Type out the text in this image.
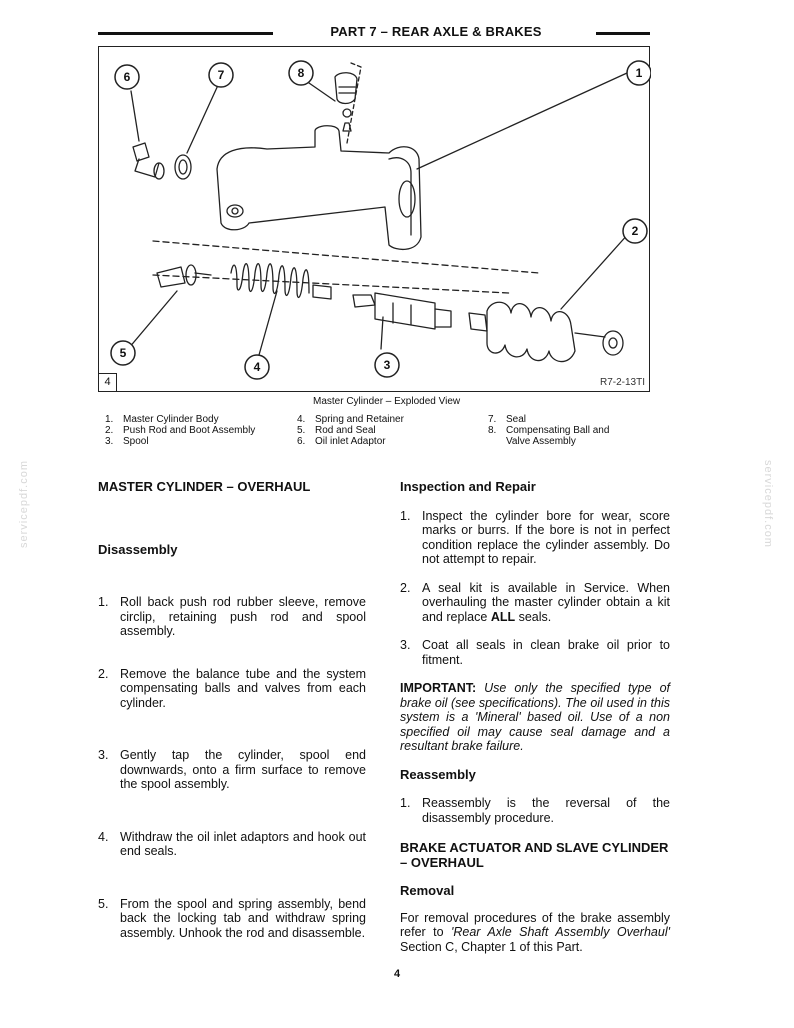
PART 7 – REAR AXLE & BRAKES
6	7	8	1
2
5
4	3
4	R7-2-13TI
Master Cylinder – Exploded View
1. Master Cylinder Body
2. Push Rod and Boot Assembly
3. Spool
4. Spring and Retainer
5. Rod and Seal
6. Oil inlet Adaptor
7. Seal
8. Compensating Ball and Valve Assembly
servicepdf.com	servicepdf.com
MASTER CYLINDER – OVERHAUL
Disassembly
1. Roll back push rod rubber sleeve, remove circlip, retaining push rod and spool assembly.
2. Remove the balance tube and the system compensating balls and valves from each cylinder.
3. Gently tap the cylinder, spool end downwards, onto a firm surface to remove the spool assembly.
4. Withdraw the oil inlet adaptors and hook out end seals.
5. From the spool and spring assembly, bend back the locking tab and withdraw spring assembly. Unhook the rod and disassemble.
Inspection and Repair
1. Inspect the cylinder bore for wear, score marks or burrs. If the bore is not in perfect condition replace the cylinder assembly. Do not attempt to repair.
2. A seal kit is available in Service. When overhauling the master cylinder obtain a kit and replace ALL seals.
3. Coat all seals in clean brake oil prior to fitment.
IMPORTANT: Use only the specified type of brake oil (see specifications). The oil used in this system is a 'Mineral' based oil. Use of a non specified oil may cause seal damage and a resultant brake failure.
Reassembly
1. Reassembly is the reversal of the disassembly procedure.
BRAKE ACTUATOR AND SLAVE CYLINDER – OVERHAUL
Removal
For removal procedures of the brake assembly refer to 'Rear Axle Shaft Assembly Overhaul' Section C, Chapter 1 of this Part.
4
